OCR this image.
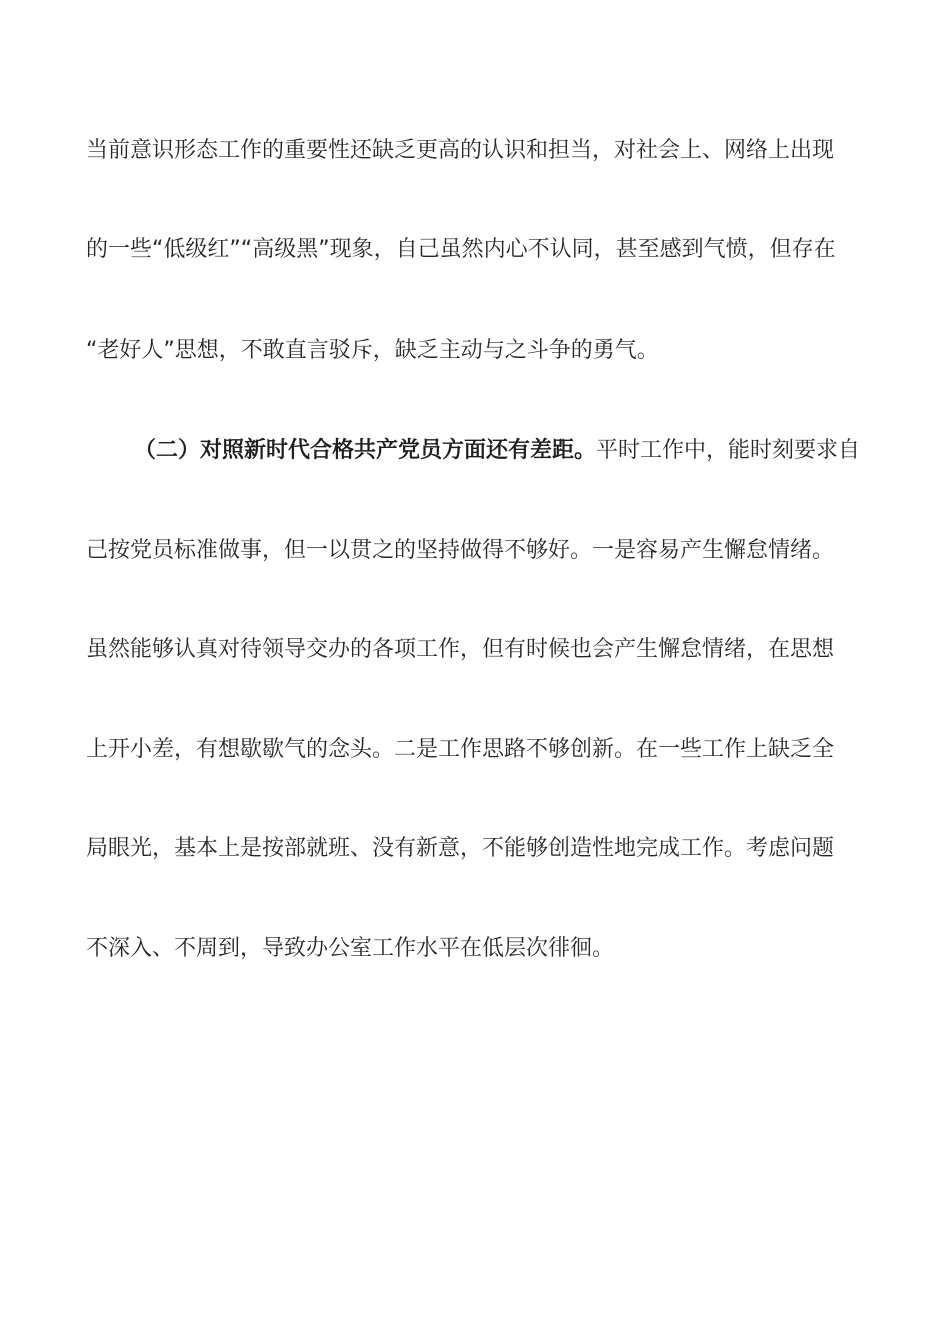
当前意识形态工作的重要性还缺乏更高的认识和担当，对社会上、网络上出现
的一些“低级红”“高级黑”现象，自己虽然内心不认同，甚至感到气愤，但存在
“老好人”思想，不敢直言驳斥，缺乏主动与之斗争的勇气。
（二）对照新时代合格共产党员方面还有差距。平时工作中，能时刻要求自
己按党员标准做事，但一以贯之的坚持做得不够好。一是容易产生懈怠情绪。
虽然能够认真对待领导交办的各项工作，但有时候也会产生懈怠情绪，在思想
上开小差，有想歇歇气的念头。二是工作思路不够创新。在一些工作上缺乏全
局眼光，基本上是按部就班、没有新意，不能够创造性地完成工作。考虑问题
不深入、不周到，导致办公室工作水平在低层次徘徊。
